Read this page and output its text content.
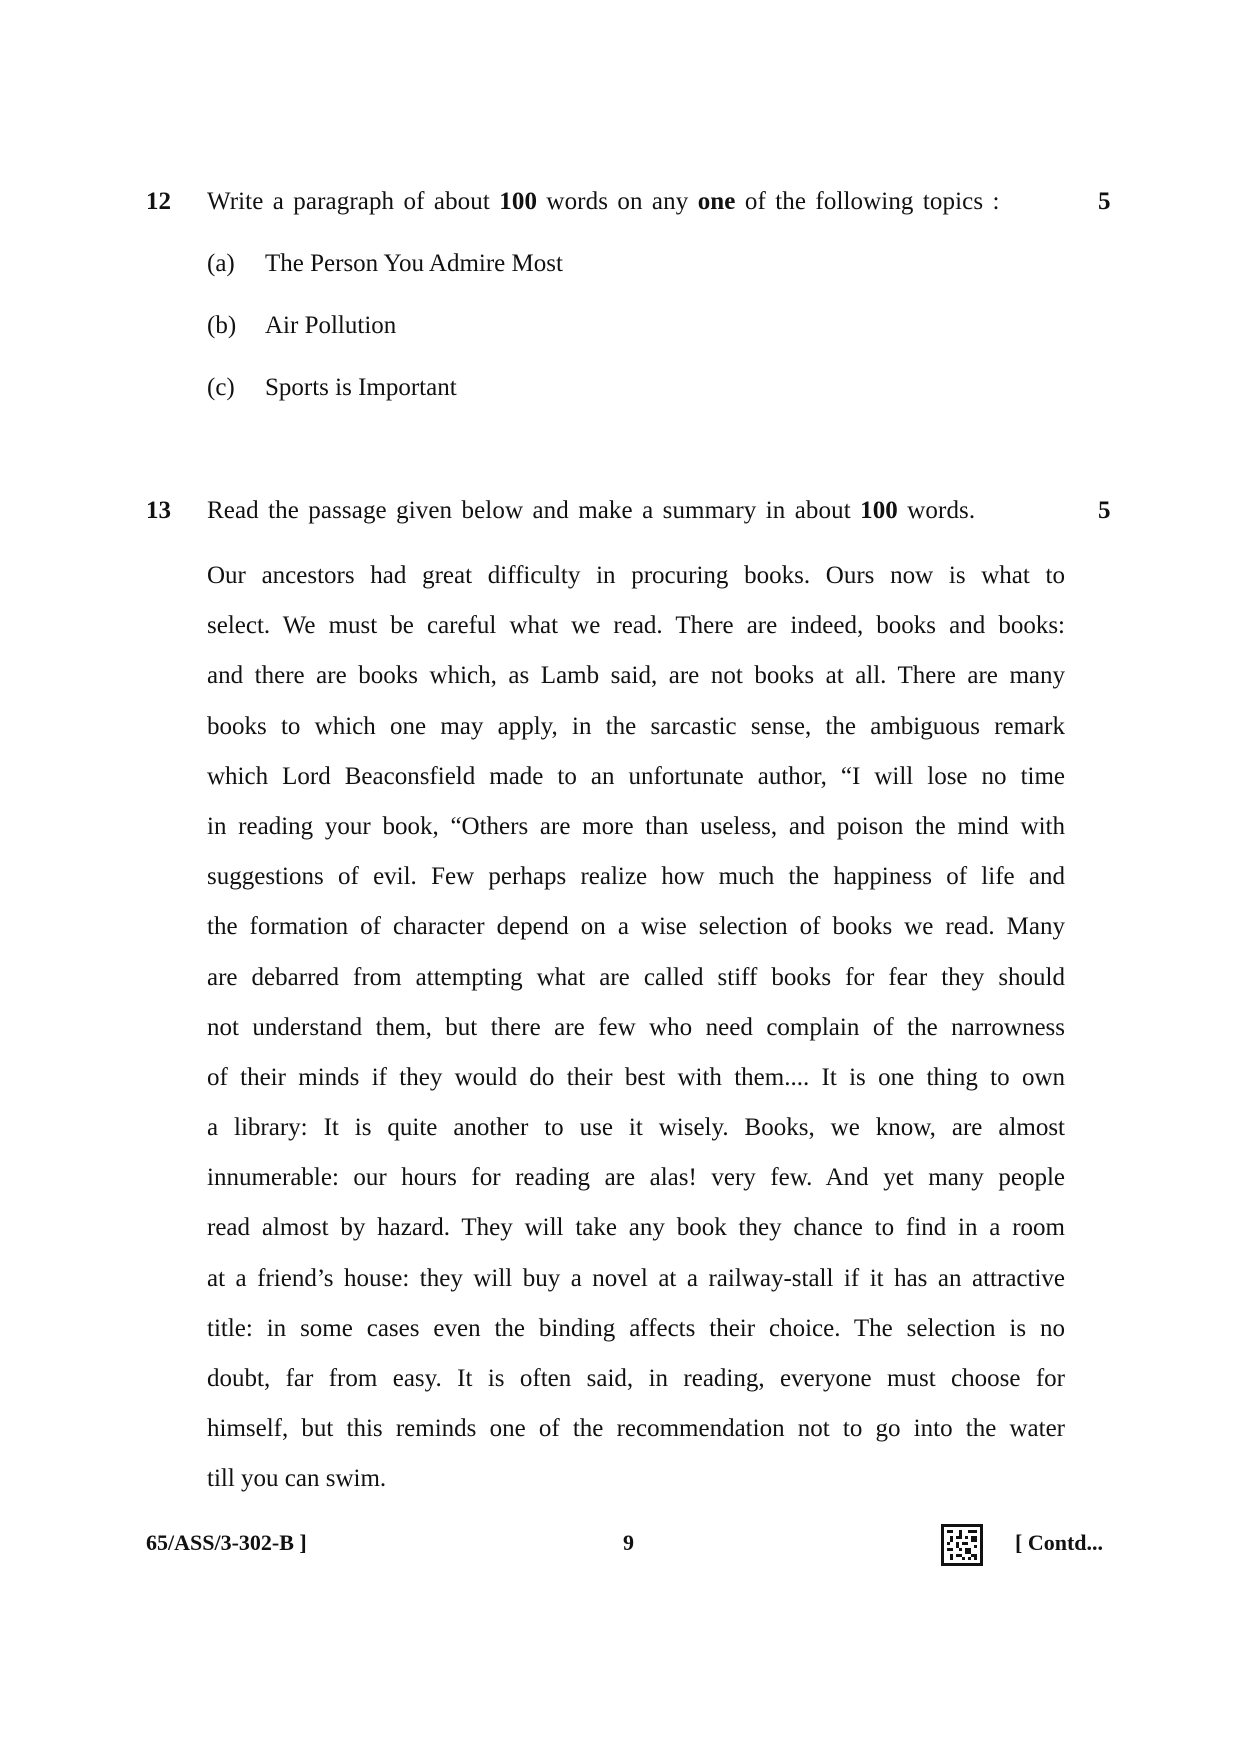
12 Write a paragraph of about 100 words on any one of the following topics :	5
(a) The Person You Admire Most
(b) Air Pollution
(c) Sports is Important
13 Read the passage given below and make a summary in about 100 words.	5
Our ancestors had great difficulty in procuring books. Ours now is what to
select. We must be careful what we read. There are indeed, books and books:
and there are books which, as Lamb said, are not books at all. There are many
books to which one may apply, in the sarcastic sense, the ambiguous remark
which Lord Beaconsfield made to an unfortunate author, “I will lose no time
in reading your book, “Others are more than useless, and poison the mind with
suggestions of evil. Few perhaps realize how much the happiness of life and
the formation of character depend on a wise selection of books we read. Many
are debarred from attempting what are called stiff books for fear they should
not understand them, but there are few who need complain of the narrowness
of their minds if they would do their best with them.... It is one thing to own
a library: It is quite another to use it wisely. Books, we know, are almost
innumerable: our hours for reading are alas! very few. And yet many people
read almost by hazard. They will take any book they chance to find in a room
at a friend’s house: they will buy a novel at a railway-stall if it has an attractive
title: in some cases even the binding affects their choice. The selection is no
doubt, far from easy. It is often said, in reading, everyone must choose for
himself, but this reminds one of the recommendation not to go into the water
till you can swim.
65/ASS/3-302-B ]	9	[ Contd...
